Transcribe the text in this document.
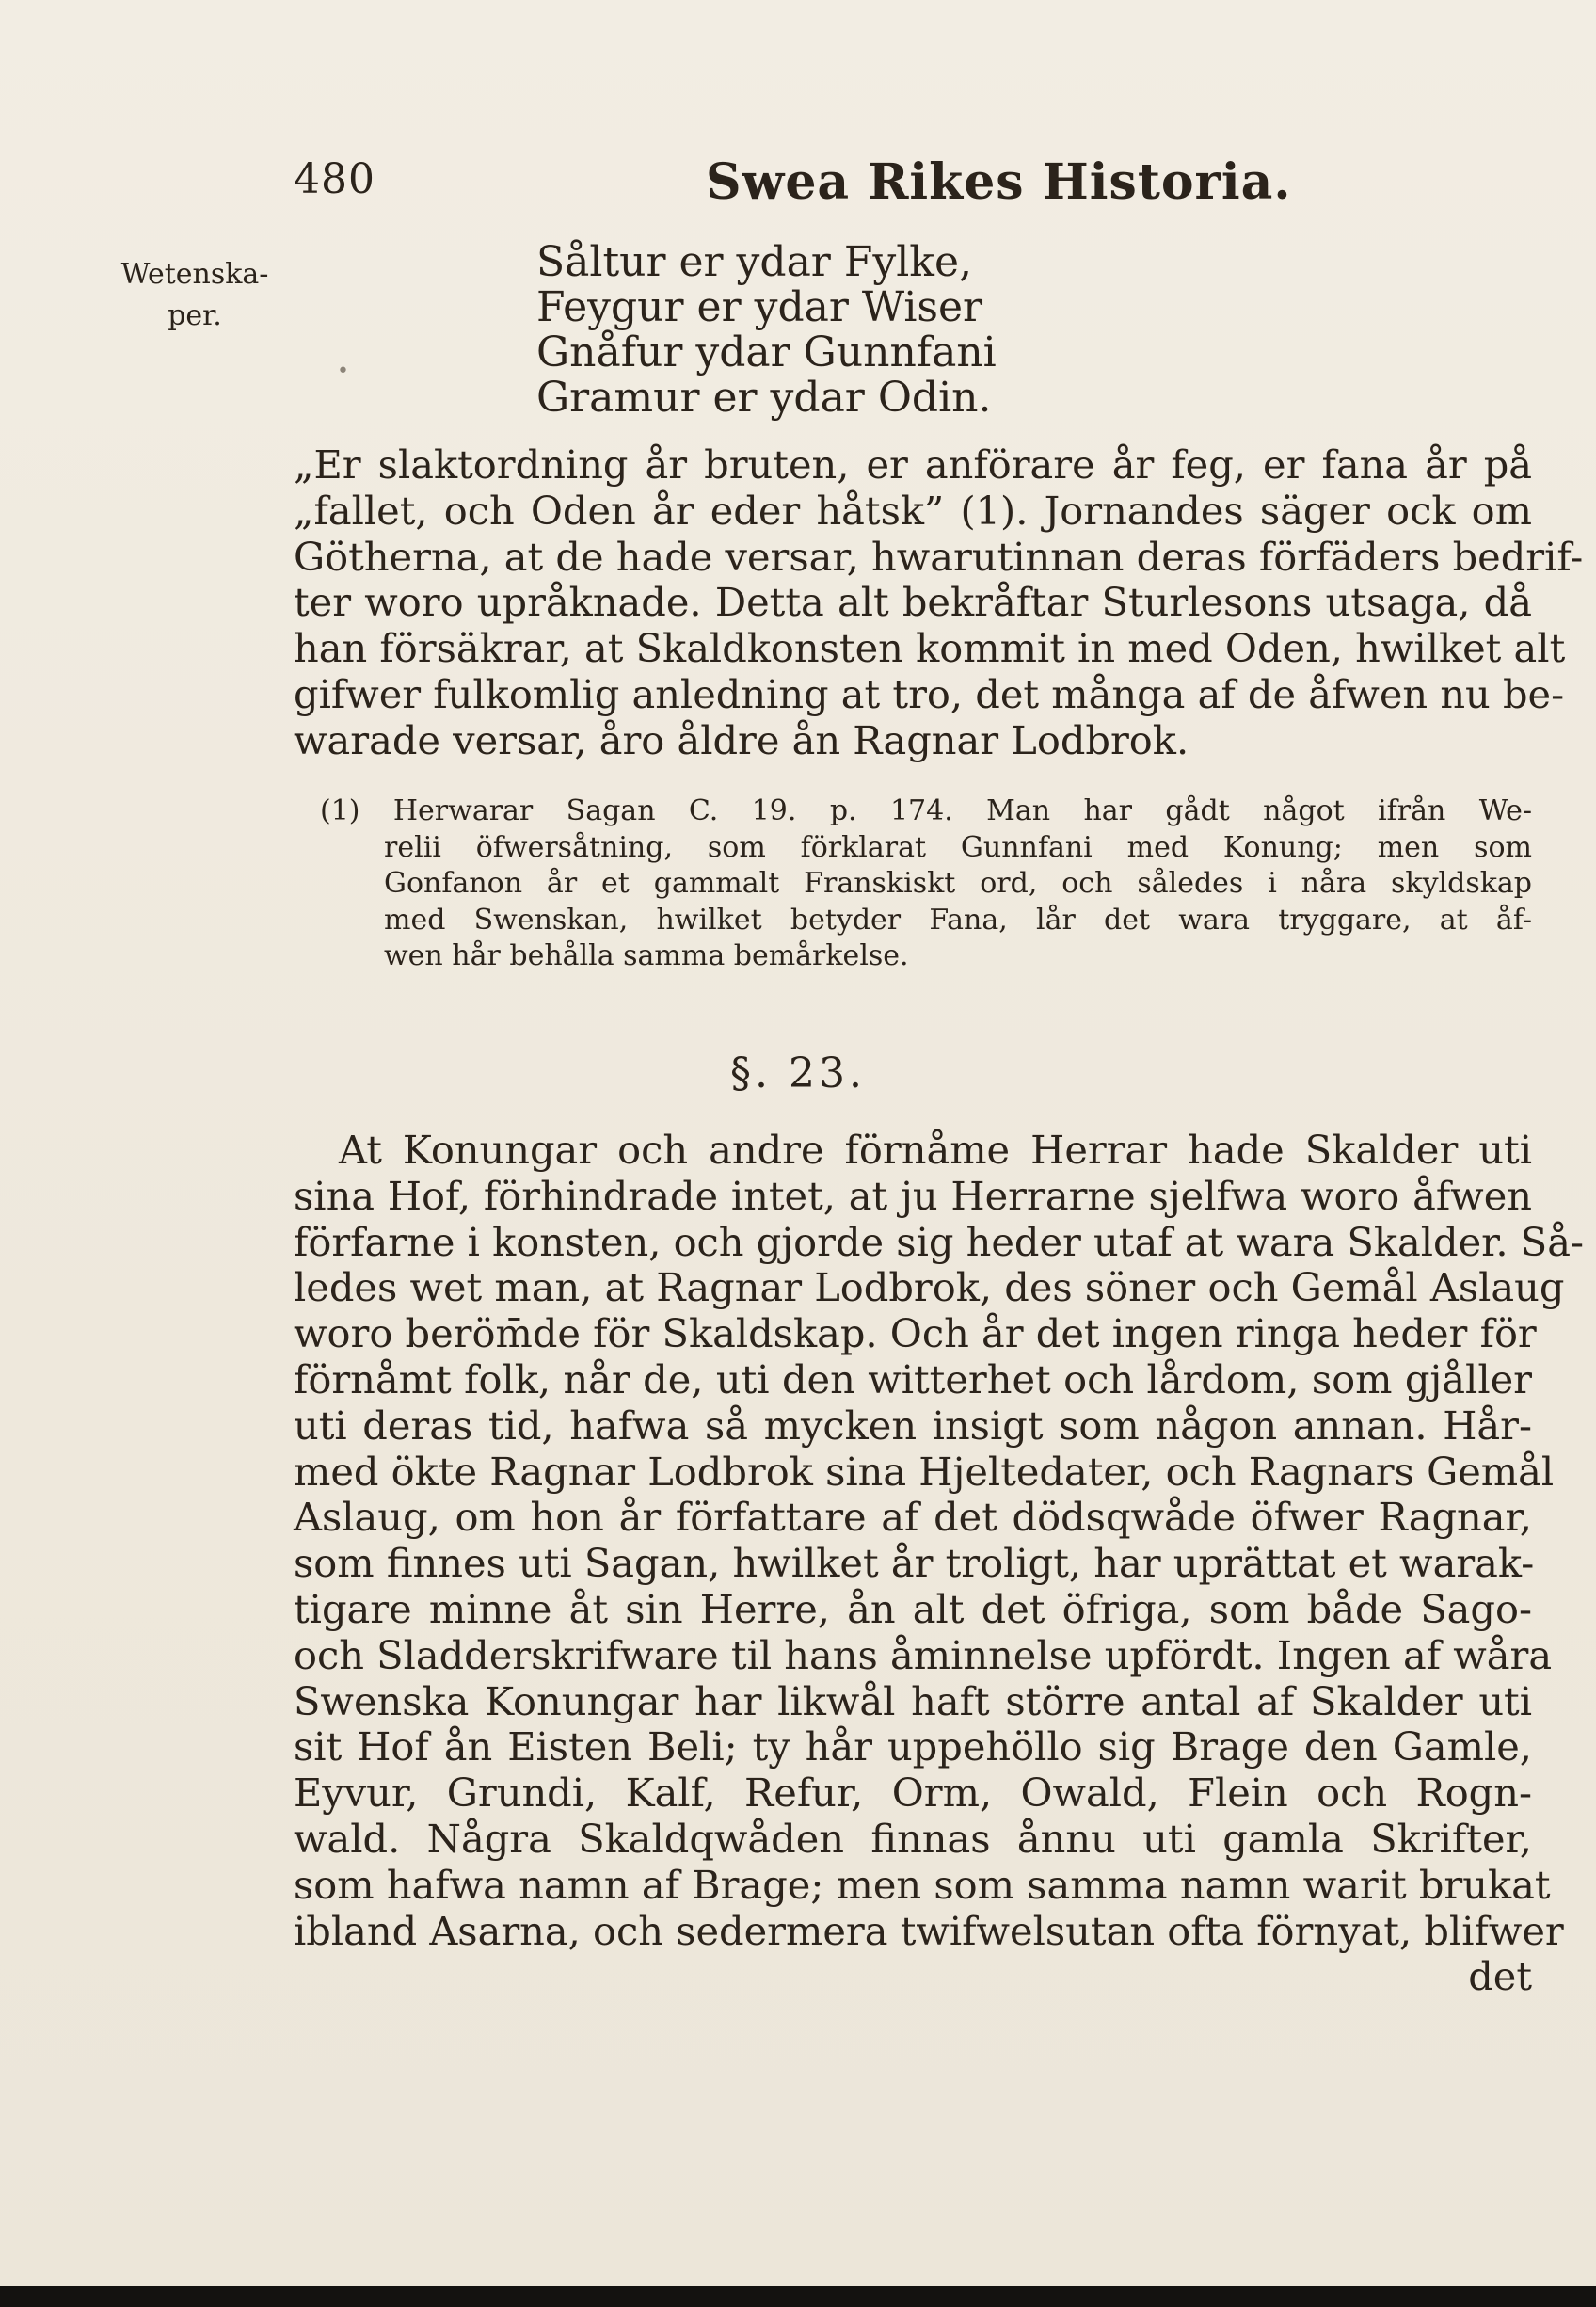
480	Swea Rikes Historia.
Wetenska-
per.
•
Såltur er ydar Fylke,
Feygur er ydar Wiser
Gnåfur ydar Gunnfani
Gramur er ydar Odin.
„Er slaktordning år bruten, er anförare år feg, er fana år på
„fallet, och Oden år eder håtsk” (1). Jornandes säger ock om
Götherna, at de hade versar, hwarutinnan deras förfäders bedrif-
ter woro upråknade. Detta alt bekråftar Sturlesons utsaga, då
han försäkrar, at Skaldkonsten kommit in med Oden, hwilket alt
gifwer fulkomlig anledning at tro, det många af de åfwen nu be-
warade versar, åro åldre ån Ragnar Lodbrok.
(1) Herwarar Sagan C. 19. p. 174. Man har gådt något ifrån We-
relii öfwersåtning, som förklarat Gunnfani med Konung; men som
Gonfanon år et gammalt Franskiskt ord, och således i nåra skyldskap
med Swenskan, hwilket betyder Fana, lår det wara tryggare, at åf-
wen hår behålla samma bemårkelse.
§. 23.
At Konungar och andre förnåme Herrar hade Skalder uti
sina Hof, förhindrade intet, at ju Herrarne sjelfwa woro åfwen
förfarne i konsten, och gjorde sig heder utaf at wara Skalder. Så-
ledes wet man, at Ragnar Lodbrok, des söner och Gemål Aslaug
woro beröm̄de för Skaldskap. Och år det ingen ringa heder för
förnåmt folk, når de, uti den witterhet och lårdom, som gjåller
uti deras tid, hafwa så mycken insigt som någon annan. Hår-
med ökte Ragnar Lodbrok sina Hjeltedater, och Ragnars Gemål
Aslaug, om hon år författare af det dödsqwåde öfwer Ragnar,
som finnes uti Sagan, hwilket år troligt, har uprättat et warak-
tigare minne åt sin Herre, ån alt det öfriga, som både Sago-
och Sladderskrifware til hans åminnelse upfördt. Ingen af wåra
Swenska Konungar har likwål haft större antal af Skalder uti
sit Hof ån Eisten Beli; ty hår uppehöllo sig Brage den Gamle,
Eyvur, Grundi, Kalf, Refur, Orm, Owald, Flein och Rogn-
wald. Några Skaldqwåden finnas ånnu uti gamla Skrifter,
som hafwa namn af Brage; men som samma namn warit brukat
ibland Asarna, och sedermera twifwelsutan ofta förnyat, blifwer
det
